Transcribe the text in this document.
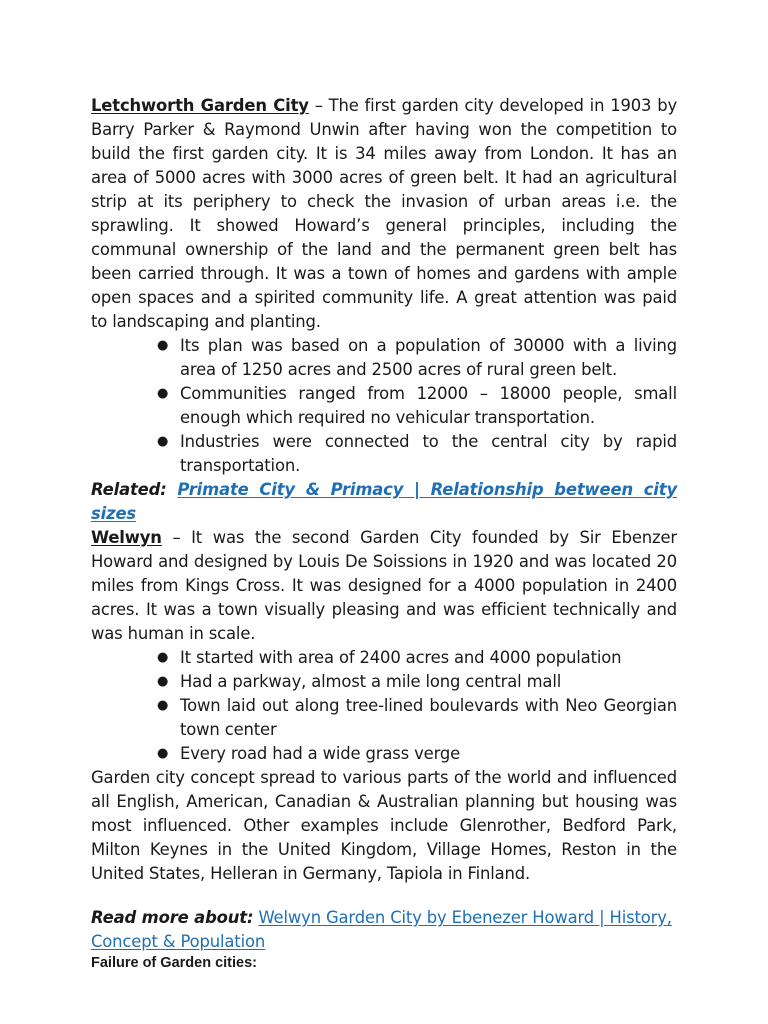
Letchworth Garden City – The first garden city developed in 1903 by Barry Parker & Raymond Unwin after having won the competition to build the first garden city. It is 34 miles away from London. It has an area of 5000 acres with 3000 acres of green belt. It had an agricultural strip at its periphery to check the invasion of urban areas i.e. the sprawling. It showed Howard’s general principles, including the communal ownership of the land and the permanent green belt has been carried through. It was a town of homes and gardens with ample open spaces and a spirited community life. A great attention was paid to landscaping and planting.

● Its plan was based on a population of 30000 with a living area of 1250 acres and 2500 acres of rural green belt.
● Communities ranged from 12000 – 18000 people, small enough which required no vehicular transportation.
● Industries were connected to the central city by rapid transportation.

Related: Primate City & Primacy | Relationship between city sizes

Welwyn – It was the second Garden City founded by Sir Ebenzer Howard and designed by Louis De Soissions in 1920 and was located 20 miles from Kings Cross. It was designed for a 4000 population in 2400 acres. It was a town visually pleasing and was efficient technically and was human in scale.

● It started with area of 2400 acres and 4000 population
● Had a parkway, almost a mile long central mall
● Town laid out along tree-lined boulevards with Neo Georgian town center
● Every road had a wide grass verge

Garden city concept spread to various parts of the world and influenced all English, American, Canadian & Australian planning but housing was most influenced. Other examples include Glenrother, Bedford Park, Milton Keynes in the United Kingdom, Village Homes, Reston in the United States, Helleran in Germany, Tapiola in Finland.

Read more about: Welwyn Garden City by Ebenezer Howard | History, Concept & Population

Failure of Garden cities:
